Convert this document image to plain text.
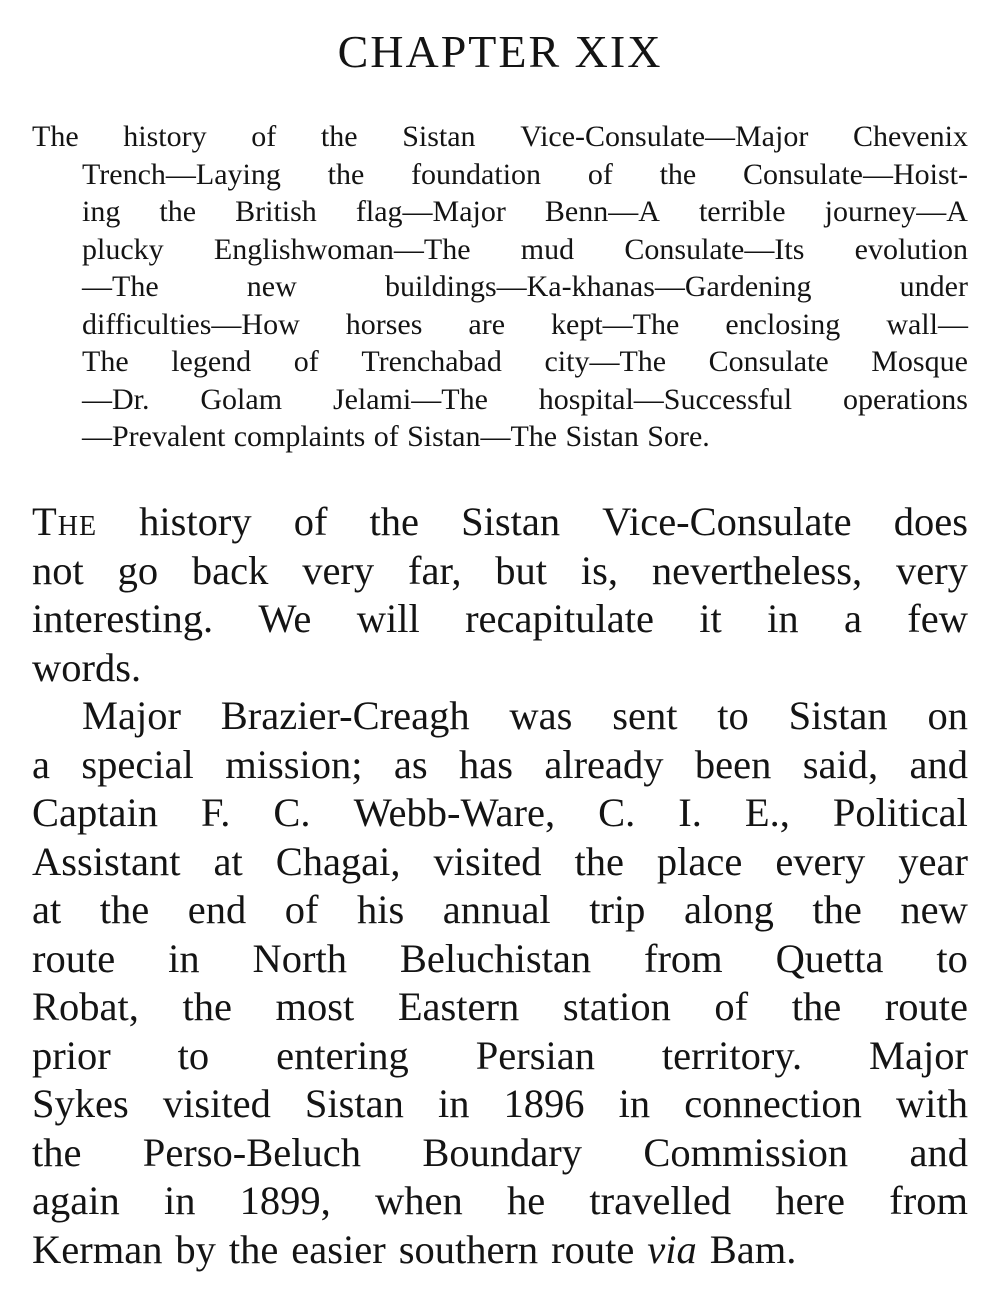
CHAPTER XIX
The history of the Sistan Vice-Consulate—Major Chevenix
Trench—Laying the foundation of the Consulate—Hoist-
ing the British flag—Major Benn—A terrible journey—A
plucky Englishwoman—The mud Consulate—Its evolution
—The	new	buildings—Ka-khanas—Gardening	under
difficulties—How horses are kept—The enclosing wall—
The legend of Trenchabad city—The Consulate Mosque
—Dr. Golam Jelami—The hospital—Successful operations
—Prevalent complaints of Sistan—The Sistan Sore.
The history of the Sistan Vice-Consulate does
not go back very far, but is, nevertheless, very
interesting. We will recapitulate it in a few
words.
Major Brazier-Creagh was sent to Sistan on
a special mission; as has already been said, and
Captain F. C. Webb-Ware, C. I. E., Political
Assistant at Chagai, visited the place every year
at the end of his annual trip along the new
route in North Beluchistan from Quetta to
Robat, the most Eastern station of the route
prior to entering Persian territory. Major
Sykes visited Sistan in 1896 in connection with
the Perso-Beluch Boundary Commission and
again in 1899, when he travelled here from
Kerman by the easier southern route via Bam.
